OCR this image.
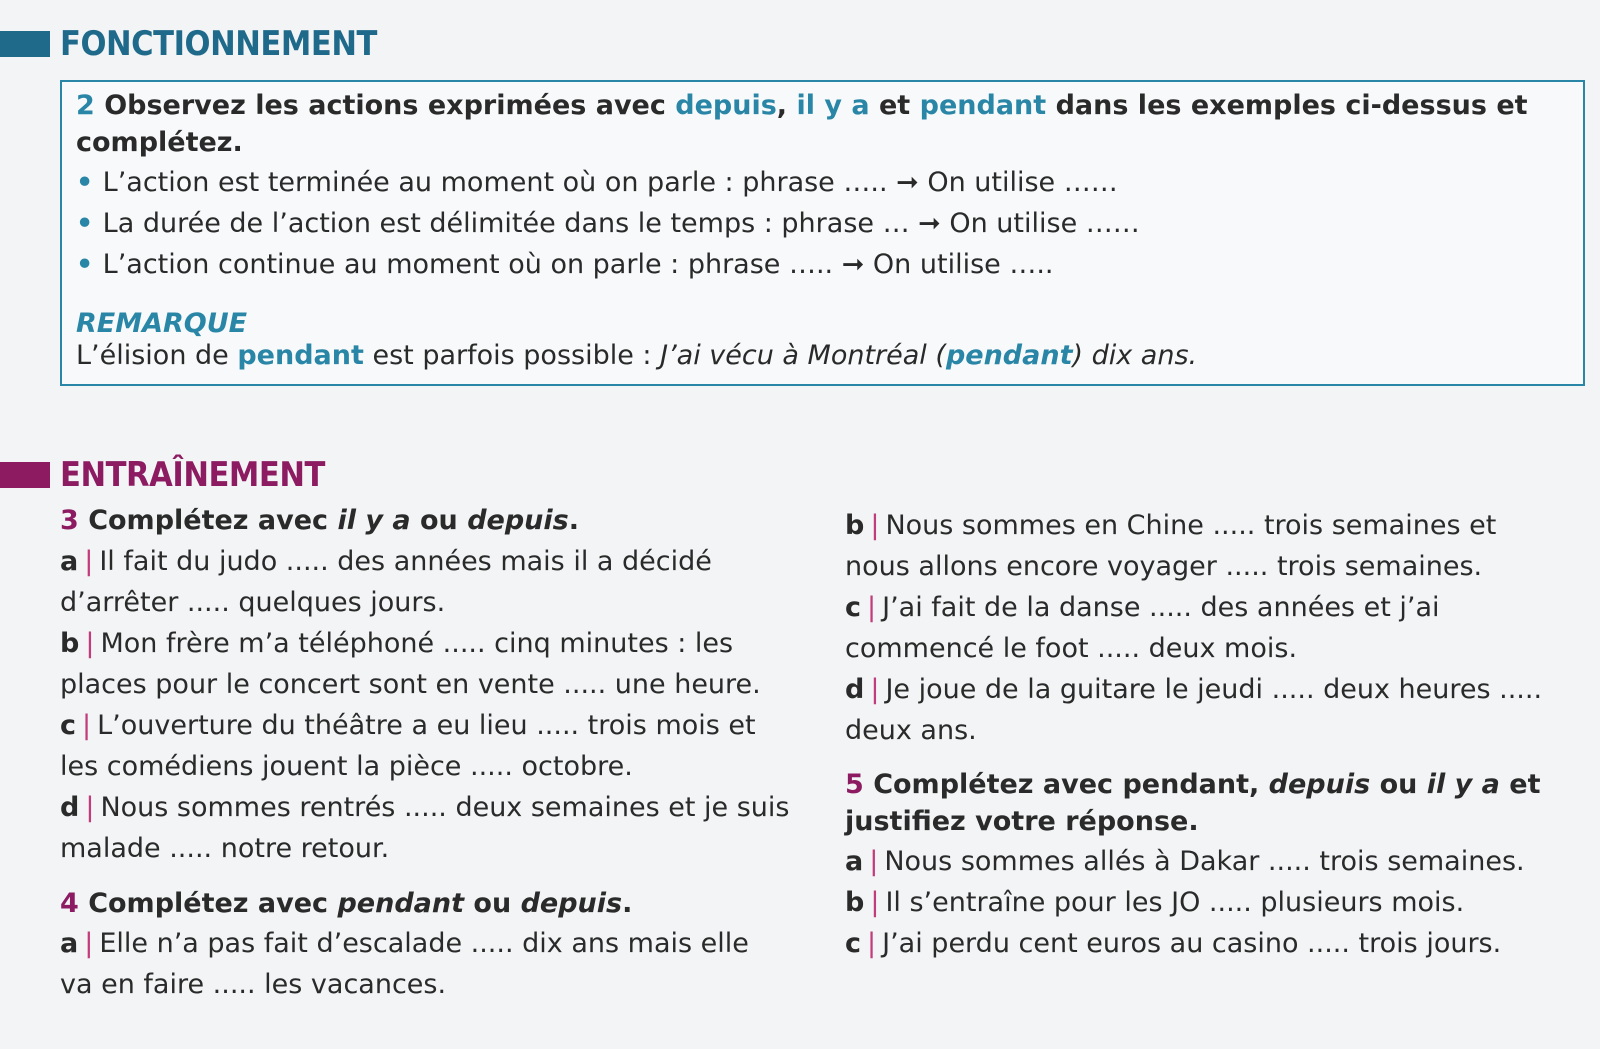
FONCTIONNEMENT
2 Observez les actions exprimées avec depuis, il y a et pendant dans les exemples ci-dessus et
complétez.
• L’action est terminée au moment où on parle : phrase ….. ➞ On utilise ……
• La durée de l’action est délimitée dans le temps : phrase … ➞ On utilise ……
• L’action continue au moment où on parle : phrase ….. ➞ On utilise …..
REMARQUE
L’élision de pendant est parfois possible : J’ai vécu à Montréal (pendant) dix ans.
ENTRAÎNEMENT
3 Complétez avec il y a ou depuis.
a | Il fait du judo ..... des années mais il a décidé
d’arrêter ..... quelques jours.
b | Mon frère m’a téléphoné ..... cinq minutes : les
places pour le concert sont en vente ..... une heure.
c | L’ouverture du théâtre a eu lieu ..... trois mois et
les comédiens jouent la pièce ..... octobre.
d | Nous sommes rentrés ..... deux semaines et je suis
malade ..... notre retour.
4 Complétez avec pendant ou depuis.
a | Elle n’a pas fait d’escalade ..... dix ans mais elle
va en faire ..... les vacances.
b | Nous sommes en Chine ..... trois semaines et
nous allons encore voyager ..... trois semaines.
c | J’ai fait de la danse ..... des années et j’ai
commencé le foot ..... deux mois.
d | Je joue de la guitare le jeudi ..... deux heures .....
deux ans.
5 Complétez avec pendant, depuis ou il y a et
justifiez votre réponse.
a | Nous sommes allés à Dakar ..... trois semaines.
b | Il s’entraîne pour les JO ..... plusieurs mois.
c | J’ai perdu cent euros au casino ..... trois jours.
